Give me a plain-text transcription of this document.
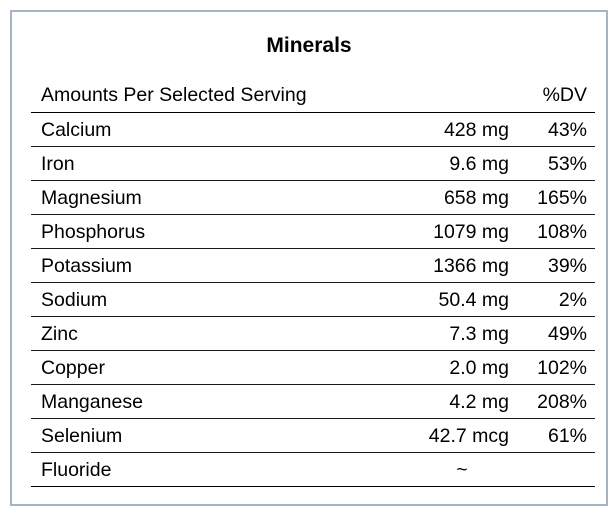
Minerals
Amounts Per Selected Serving	%DV
Calcium	428 mg 43%
Iron	9.6 mg 53%
Magnesium	658 mg 165%
Phosphorus	1079 mg 108%
Potassium	1366 mg 39%
Sodium	50.4 mg	2%
Zinc	7.3 mg 49%
Copper	2.0 mg 102%
Manganese	4.2 mg 208%
Selenium	42.7 mcg 61%
Fluoride	~
